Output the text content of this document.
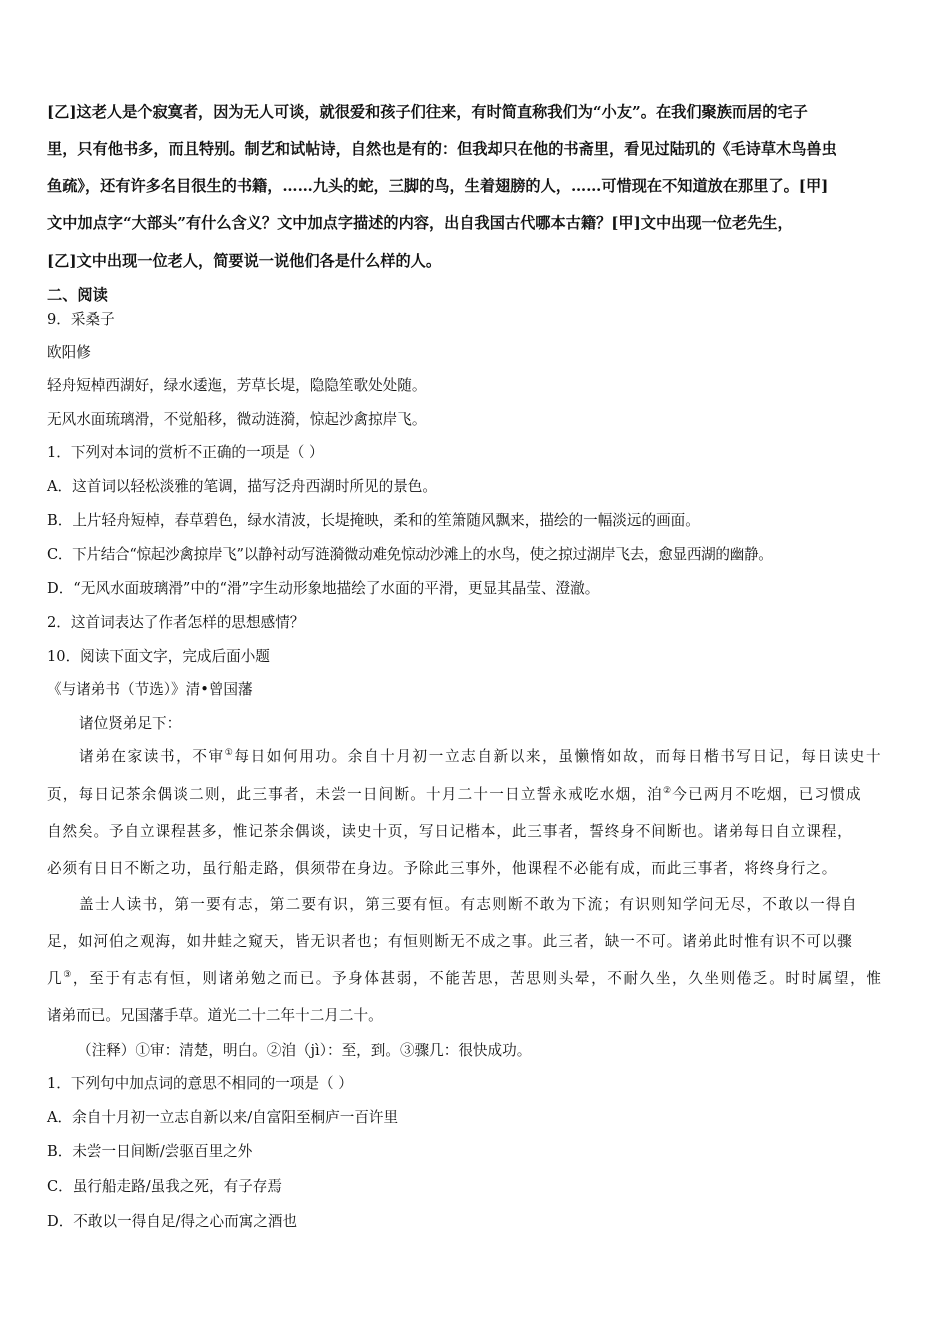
[乙]这老人是个寂寞者，因为无人可谈，就很爱和孩子们往来，有时简直称我们为“小友”。在我们聚族而居的宅子
里，只有他书多，而且特别。制艺和试帖诗，自然也是有的：但我却只在他的书斋里，看见过陆玑的《毛诗草木鸟兽虫
鱼疏》，还有许多名目很生的书籍，……九头的蛇，三脚的鸟，生着翅膀的人，……可惜现在不知道放在那里了。[甲]
文中加点字“大部头”有什么含义？文中加点字描述的内容，出自我国古代哪本古籍？[甲]文中出现一位老先生，
[乙]文中出现一位老人，简要说一说他们各是什么样的人。
二、阅读
9．采桑子
欧阳修
轻舟短棹西湖好，绿水逶迤，芳草长堤，隐隐笙歌处处随。
无风水面琉璃滑，不觉船移，微动涟漪，惊起沙禽掠岸飞。
1．下列对本词的赏析不正确的一项是（ ）
A．这首词以轻松淡雅的笔调，描写泛舟西湖时所见的景色。
B．上片轻舟短棹，春草碧色，绿水清波，长堤掩映，柔和的笙箫随风飘来，描绘的一幅淡远的画面。
C．下片结合“惊起沙禽掠岸飞”以静衬动写涟漪微动难免惊动沙滩上的水鸟，使之掠过湖岸飞去，愈显西湖的幽静。
D．“无风水面玻璃滑”中的“滑”字生动形象地描绘了水面的平滑，更显其晶莹、澄澈。
2．这首词表达了作者怎样的思想感情？
10．阅读下面文字，完成后面小题
《与诸弟书（节选）》清•曾国藩
诸位贤弟足下：
诸弟在家读书，不审①每日如何用功。余自十月初一立志自新以来，虽懒惰如故，而每日楷书写日记，每日读史十
页，每日记茶余偶谈二则，此三事者，未尝一日间断。十月二十一日立誓永戒吃水烟，洎②今已两月不吃烟，已习惯成
自然矣。予自立课程甚多，惟记茶余偶谈，读史十页，写日记楷本，此三事者，誓终身不间断也。诸弟每日自立课程，
必须有日日不断之功，虽行船走路，俱须带在身边。予除此三事外，他课程不必能有成，而此三事者，将终身行之。
盖士人读书，第一要有志，第二要有识，第三要有恒。有志则断不敢为下流；有识则知学问无尽，不敢以一得自
足，如河伯之观海，如井蛙之窥天，皆无识者也；有恒则断无不成之事。此三者，缺一不可。诸弟此时惟有识不可以骤
几③，至于有志有恒，则诸弟勉之而已。予身体甚弱，不能苦思，苦思则头晕，不耐久坐，久坐则倦乏。时时属望，惟
诸弟而已。兄国藩手草。道光二十二年十二月二十。
（注释）①审：清楚，明白。②洎（jì）：至，到。③骤几：很快成功。
1．下列句中加点词的意思不相同的一项是（ ）
A．余自十月初一立志自新以来/自富阳至桐庐一百许里
B．未尝一日间断/尝驱百里之外
C．虽行船走路/虽我之死，有子存焉
D．不敢以一得自足/得之心而寓之酒也
